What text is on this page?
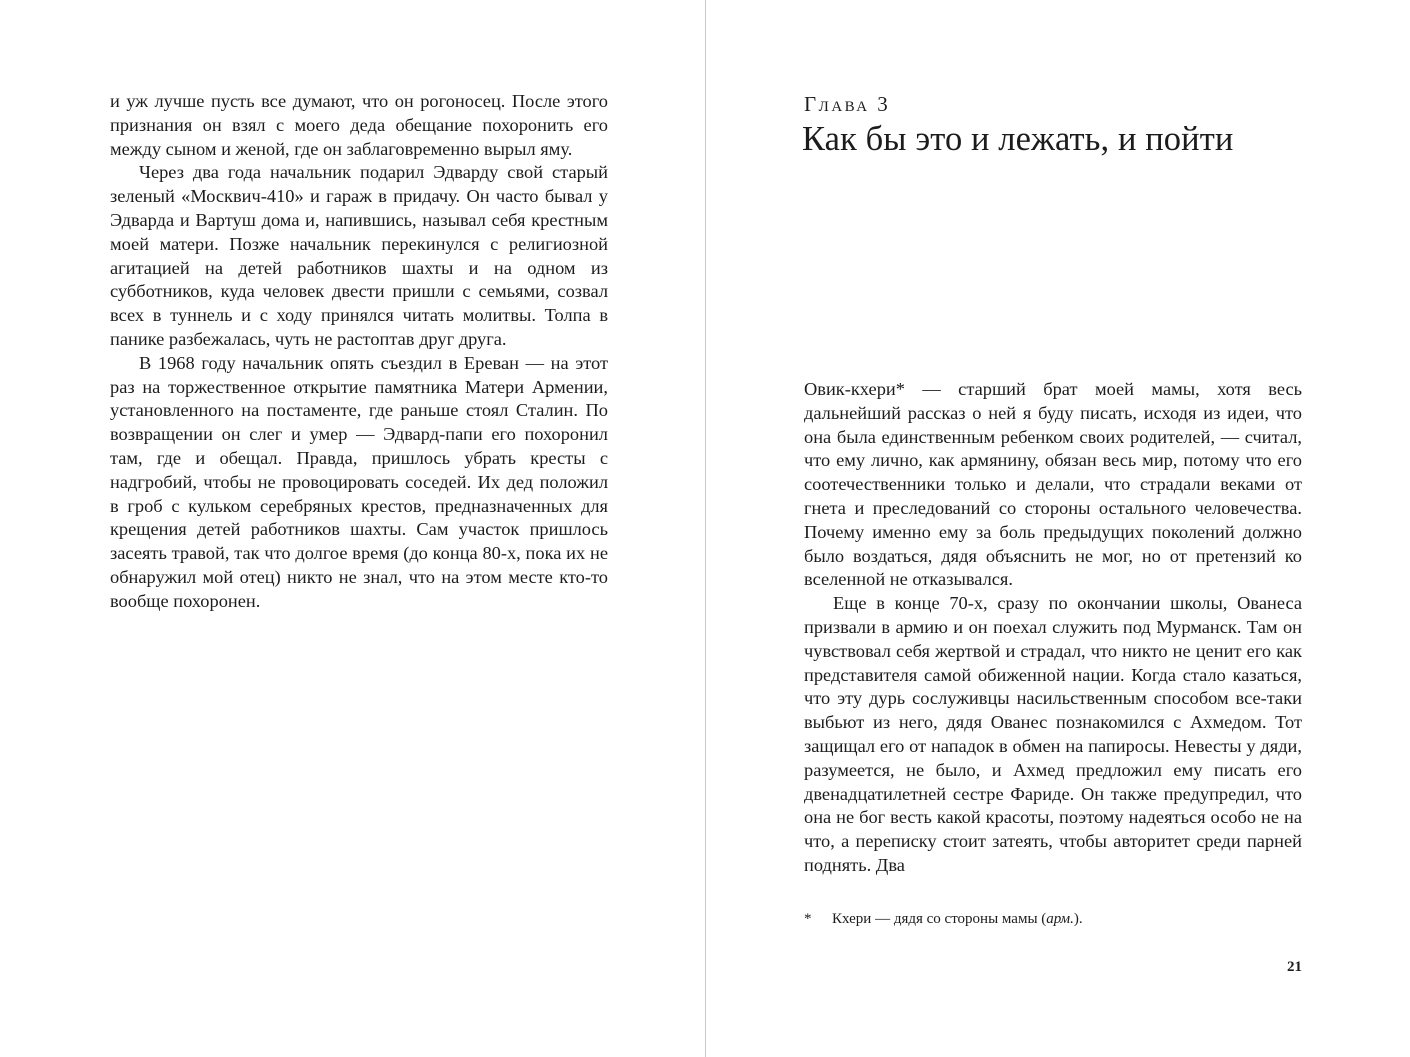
и уж лучше пусть все думают, что он рогоносец. После этого признания он взял с моего деда обещание похоронить его между сыном и женой, где он заблаговременно вырыл яму.

Через два года начальник подарил Эдварду свой старый зеленый «Москвич-410» и гараж в придачу. Он часто бывал у Эдварда и Вартуш дома и, напившись, называл себя крестным моей матери. Позже начальник перекинулся с религиозной агитацией на детей работников шахты и на одном из субботников, куда человек двести пришли с семьями, созвал всех в туннель и с ходу принялся читать молитвы. Толпа в панике разбежалась, чуть не растоптав друг друга.

В 1968 году начальник опять съездил в Ереван — на этот раз на торжественное открытие памятника Матери Армении, установленного на постаменте, где раньше стоял Сталин. По возвращении он слег и умер — Эдвард-папи его похоронил там, где и обещал. Правда, пришлось убрать кресты с надгробий, чтобы не провоцировать соседей. Их дед положил в гроб с кульком серебряных крестов, предназначенных для крещения детей работников шахты. Сам участок пришлось засеять травой, так что долгое время (до конца 80-х, пока их не обнаружил мой отец) никто не знал, что на этом месте кто-то вообще похоронен.

Глава 3

Как бы это и лежать, и пойти

Овик-кхери* — старший брат моей мамы, хотя весь дальнейший рассказ о ней я буду писать, исходя из идеи, что она была единственным ребенком своих родителей, — считал, что ему лично, как армянину, обязан весь мир, потому что его соотечественники только и делали, что страдали веками от гнета и преследований со стороны остального человечества. Почему именно ему за боль предыдущих поколений должно было воздаться, дядя объяснить не мог, но от претензий ко вселенной не отказывался.

Еще в конце 70-х, сразу по окончании школы, Ованеса призвали в армию и он поехал служить под Мурманск. Там он чувствовал себя жертвой и страдал, что никто не ценит его как представителя самой обиженной нации. Когда стало казаться, что эту дурь сослуживцы насильственным способом все-таки выбьют из него, дядя Ованес познакомился с Ахмедом. Тот защищал его от нападок в обмен на папиросы. Невесты у дяди, разумеется, не было, и Ахмед предложил ему писать его двенадцатилетней сестре Фариде. Он также предупредил, что она не бог весть какой красоты, поэтому надеяться особо не на что, а переписку стоит затеять, чтобы авторитет среди парней поднять. Два

* Кхери — дядя со стороны мамы (арм.).

21
